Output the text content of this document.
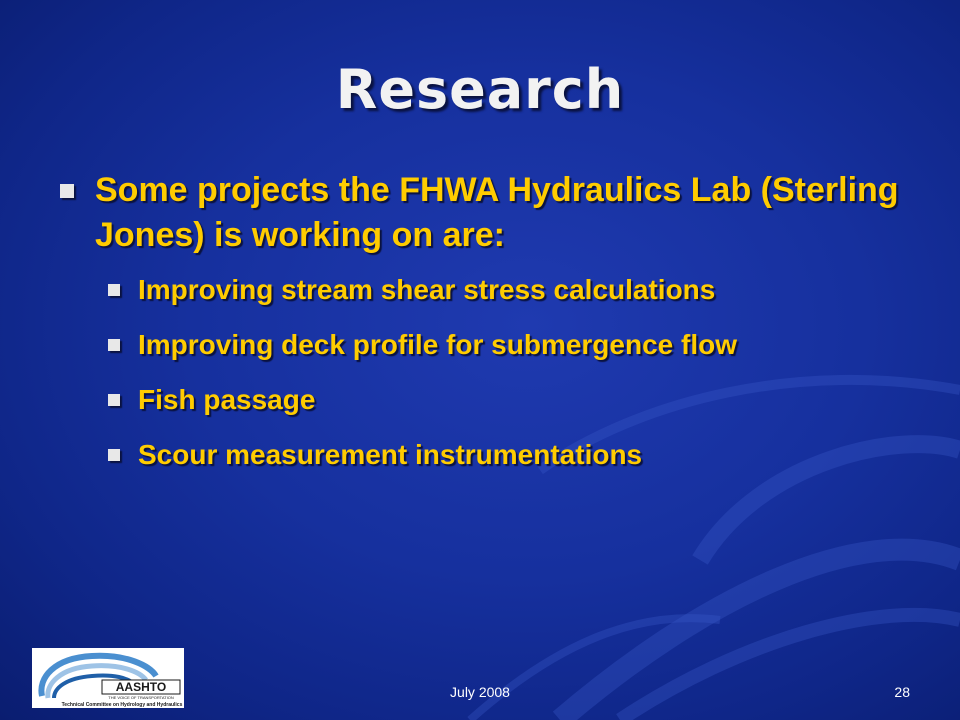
Research
Some projects the FHWA Hydraulics Lab (Sterling Jones) is working on are:
Improving stream shear stress calculations
Improving deck profile for submergence flow
Fish passage
Scour measurement instrumentations
AASHTO
THE VOICE OF TRANSPORTATION
Technical Committee on Hydrology and Hydraulics
July 2008	28
